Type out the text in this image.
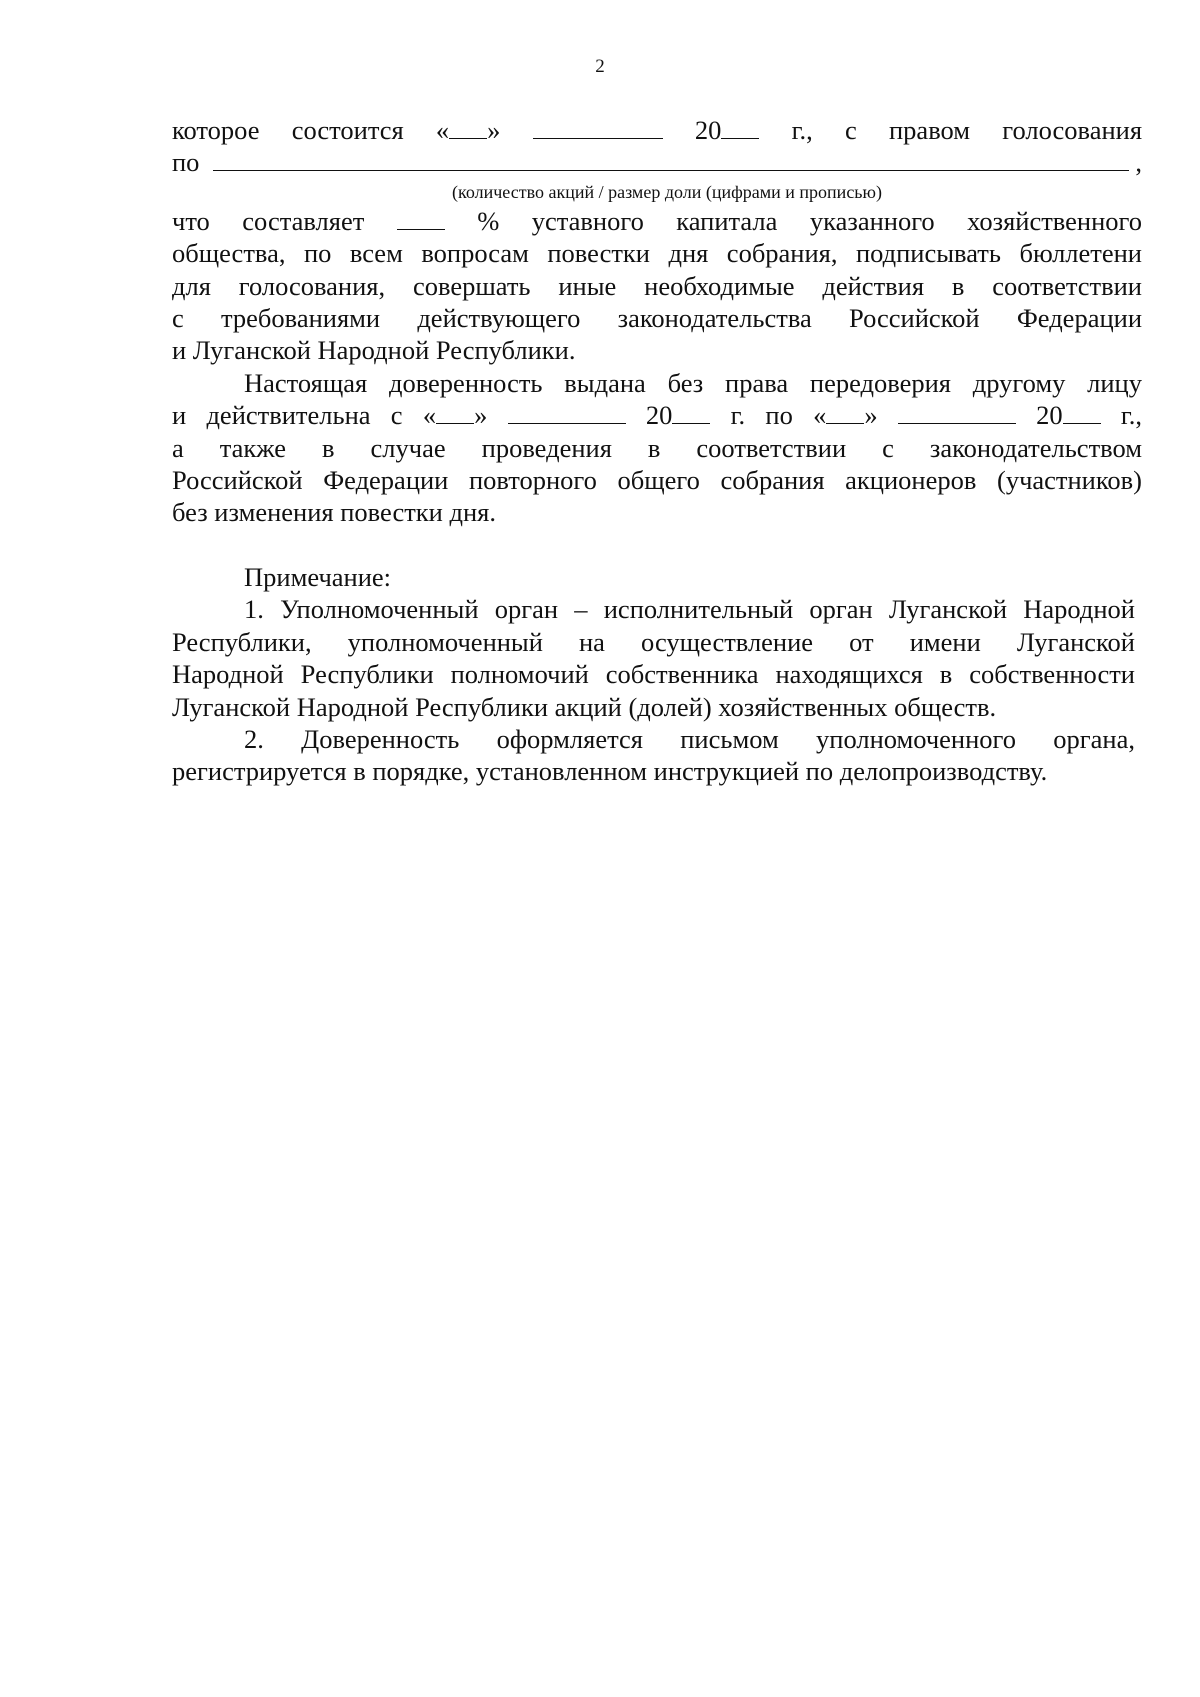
2
которое состоится « »	20	г., с правом голосования
по	,
(количество акций / размер доли (цифрами и прописью)
что составляет	% уставного капитала указанного хозяйственного
общества, по всем вопросам повестки дня собрания, подписывать бюллетени
для голосования, совершать иные необходимые действия в соответствии
с требованиями действующего законодательства Российской Федерации
и Луганской Народной Республики.
Настоящая доверенность выдана без права передоверия другому лицу
и действительна с « »	20 г. по « »	20 г.,
а также в случае проведения в соответствии с законодательством
Российской Федерации повторного общего собрания акционеров (участников)
без изменения повестки дня.
Примечание:
1. Уполномоченный орган – исполнительный орган Луганской Народной
Республики, уполномоченный на осуществление от имени Луганской
Народной Республики полномочий собственника находящихся в собственности
Луганской Народной Республики акций (долей) хозяйственных обществ.
2. Доверенность оформляется письмом уполномоченного органа,
регистрируется в порядке, установленном инструкцией по делопроизводству.
